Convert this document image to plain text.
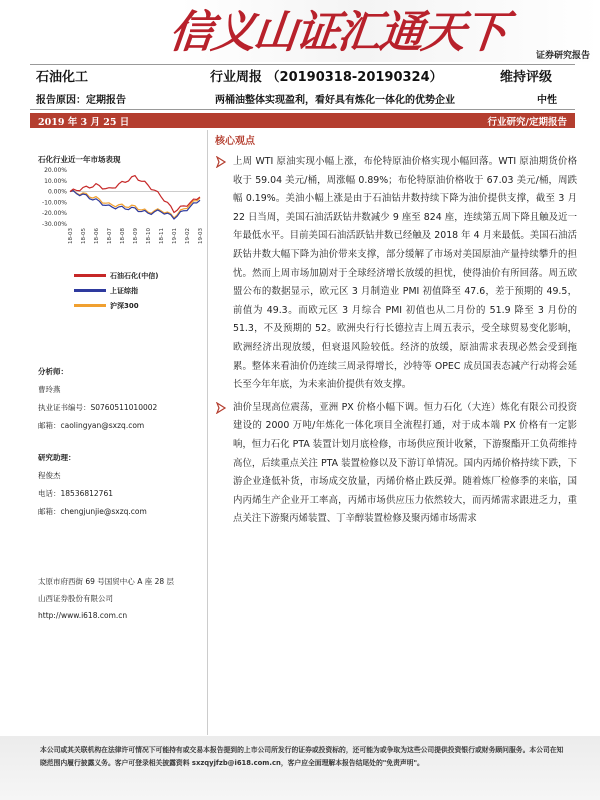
信义山证汇通天下	证券研究报告
石油化工	行业周报 （20190318-20190324）	维持评级
报告原因：定期报告	两桶油整体实现盈利，看好具有炼化一体化的优势企业	中性
2019 年 3 月 25 日	行业研究/定期报告
石化行业近一年市场表现
20.00%
10.00%
0.00%
-10.00%
-20.00%
-30.00%
18-03 18-05 18-06 18-07 18-08 18-09 18-10 18-11 19-01 19-02 19-03
石油石化(中信)
上证综指
沪深300
分析师：
曹玲燕
执业证书编号：S0760511010002
邮箱：caolingyan@sxzq.com
研究助理：
程俊杰
电话：18536812761
邮箱：chengjunjie@sxzq.com
太原市府西街 69 号国贸中心 A 座 28 层
山西证券股份有限公司
http://www.i618.com.cn
核心观点
上周 WTI 原油实现小幅上涨，布伦特原油价格实现小幅回落。WTI 原油期货价格收于 59.04 美元/桶，周涨幅 0.89%；布伦特原油价格收于 67.03 美元/桶，周跌幅 0.19%。美油小幅上涨是由于石油钻井数持续下降为油价提供支撑，截至 3 月 22 日当周，美国石油活跃钻井数减少 9 座至 824 座，连续第五周下降且触及近一年最低水平。目前美国石油活跃钻井数已经触及 2018 年 4 月来最低。美国石油活跃钻井数大幅下降为油价带来支撑，部分缓解了市场对美国原油产量持续攀升的担忧。然而上周市场加剧对于全球经济增长放缓的担忧，使得油价有所回落。周五欧盟公布的数据显示，欧元区 3 月制造业 PMI 初值降至 47.6，差于预期的 49.5，前值为 49.3。而欧元区 3 月综合 PMI 初值也从二月份的 51.9 降至 3 月份的 51.3，不及预期的 52。欧洲央行行长德拉吉上周五表示，受全球贸易变化影响，欧洲经济出现放缓，但衰退风险较低。经济的放缓，原油需求表现必然会受到拖累。整体来看油价仍连续三周录得增长，沙特等 OPEC 成员国表态减产行动将会延长至今年年底，为未来油价提供有效支撑。
油价呈现高位震荡，亚洲 PX 价格小幅下调。恒力石化（大连）炼化有限公司投资建设的 2000 万吨/年炼化一体化项目全流程打通，对于成本端 PX 价格有一定影响，恒力石化 PTA 装置计划月底检修，市场供应预计收紧，下游聚酯开工负荷维持高位，后续重点关注 PTA 装置检修以及下游订单情况。国内丙烯价格持续下跌，下游企业逢低补货，市场成交放量，丙烯价格止跌反弹。随着炼厂检修季的来临，国内丙烯生产企业开工率高，丙烯市场供应压力依然较大，而丙烯需求跟进乏力，重点关注下游聚丙烯装置、丁辛醇装置检修及聚丙烯市场需求
本公司或其关联机构在法律许可情况下可能持有或交易本报告提到的上市公司所发行的证券或投资标的，还可能为或争取为这些公司提供投资银行或财务顾问服务。本公司在知晓范围内履行披露义务。客户可登录相关披露资料 sxzqyjfzb@i618.com.cn，客户应全面理解本报告结尾处的"免责声明"。
